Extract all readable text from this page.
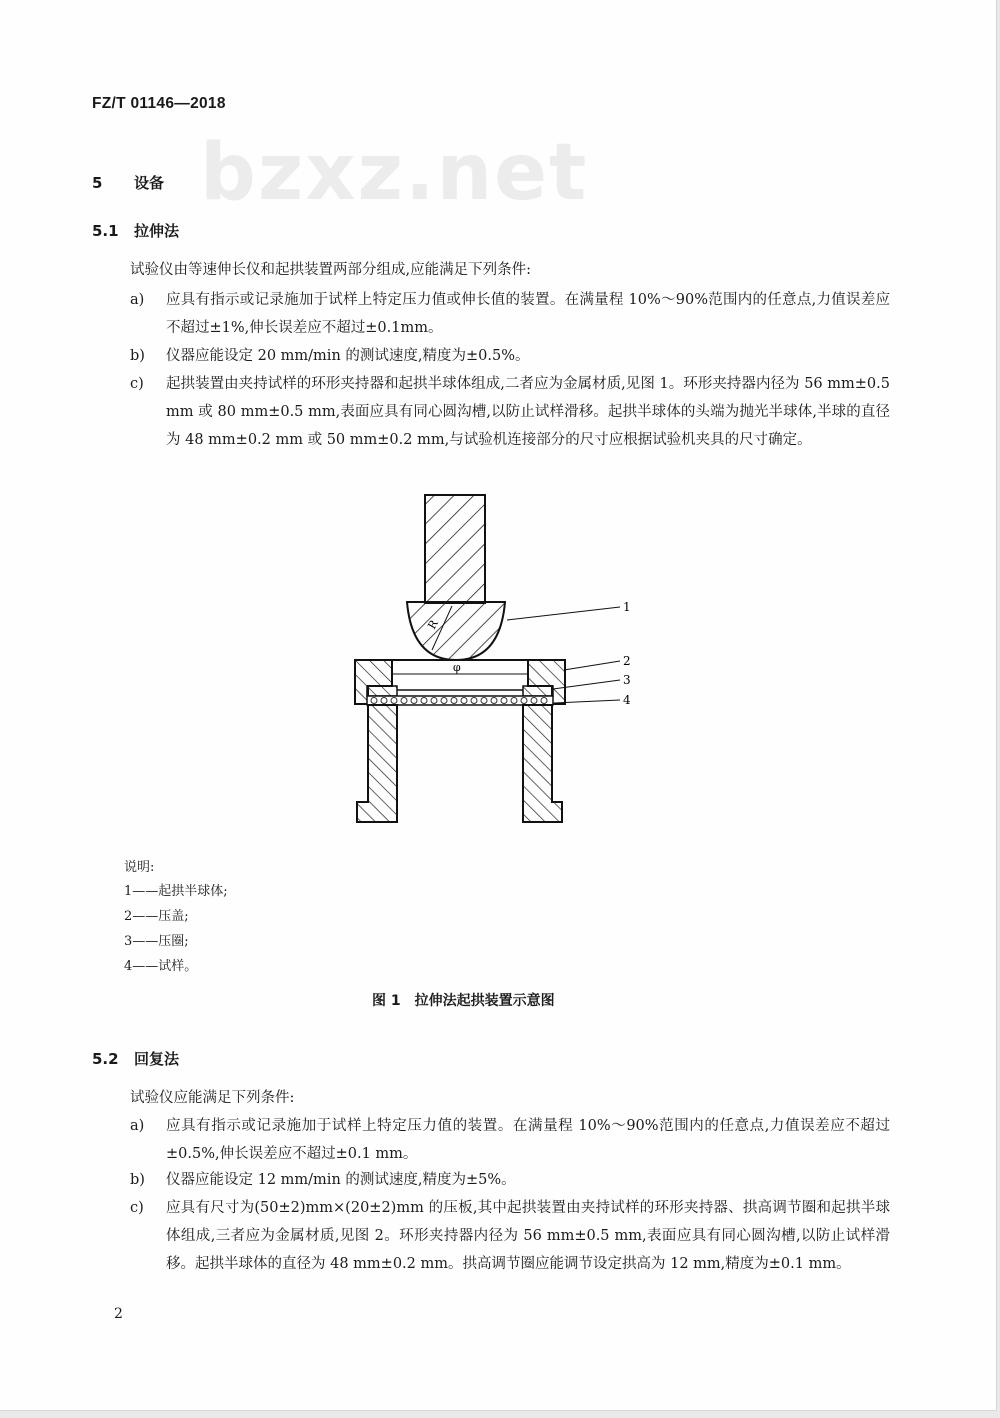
FZ/T 01146—2018
bzxz.net
5 设备
5.1 拉伸法
试验仪由等速伸长仪和起拱装置两部分组成,应能满足下列条件:
a) 应具有指示或记录施加于试样上特定压力值或伸长值的装置。在满量程 10%～90%范围内的任意点,力值误差应不超过±1%,伸长误差应不超过±0.1mm。
b) 仪器应能设定 20 mm/min 的测试速度,精度为±0.5%。
c) 起拱装置由夹持试样的环形夹持器和起拱半球体组成,二者应为金属材质,见图 1。环形夹持器内径为 56 mm±0.5 mm 或 80 mm±0.5 mm,表面应具有同心圆沟槽,以防止试样滑移。起拱半球体的头端为抛光半球体,半球的直径为 48 mm±0.2 mm 或 50 mm±0.2 mm,与试验机连接部分的尺寸应根据试验机夹具的尺寸确定。
R
1
φ	2
3
4
说明:
1——起拱半球体;
2——压盖;
3——压圈;
4——试样。
图 1　拉伸法起拱装置示意图
5.2 回复法
试验仪应能满足下列条件:
a) 应具有指示或记录施加于试样上特定压力值的装置。在满量程 10%～90%范围内的任意点,力值误差应不超过±0.5%,伸长误差应不超过±0.1 mm。
b) 仪器应能设定 12 mm/min 的测试速度,精度为±5%。
c) 应具有尺寸为(50±2)mm×(20±2)mm 的压板,其中起拱装置由夹持试样的环形夹持器、拱高调节圈和起拱半球体组成,三者应为金属材质,见图 2。环形夹持器内径为 56 mm±0.5 mm,表面应具有同心圆沟槽,以防止试样滑移。起拱半球体的直径为 48 mm±0.2 mm。拱高调节圈应能调节设定拱高为 12 mm,精度为±0.1 mm。
2
